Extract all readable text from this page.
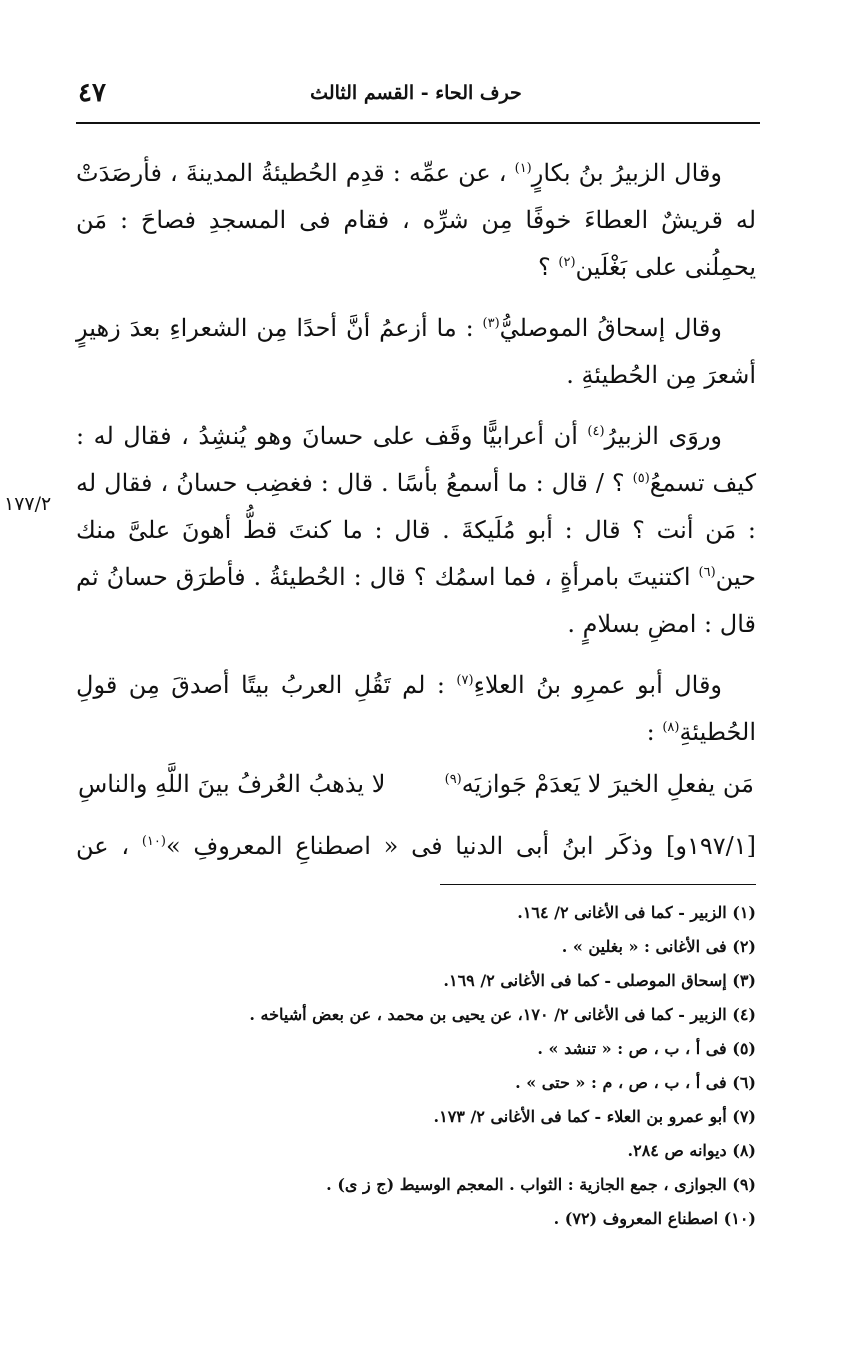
٤٧	حرف الحاء - القسم الثالث
١٧٧/٢

وقال الزبيرُ بنُ بكارٍ$^{(١)}$ ، عن عمِّه : قدِم الحُطيئةُ المدينةَ ، فأرصَدَتْ له قريشٌ العطاءَ خوفًا مِن شرِّه ، فقام فى المسجدِ فصاحَ : مَن يحمِلُنى على بَغْلَين$^{(٢)}$ ؟

وقال إسحاقُ الموصليُّ$^{(٣)}$ : ما أزعمُ أنَّ أحدًا مِن الشعراءِ بعدَ زهيرٍ أشعرَ مِن الحُطيئةِ .

وروَى الزبيرُ$^{(٤)}$ أن أعرابيًّا وقَف على حسانَ وهو يُنشِدُ ، فقال له : كيف تسمعُ$^{(٥)}$ ؟ / قال : ما أسمعُ بأسًا . قال : فغضِب حسانُ ، فقال له : مَن أنت ؟ قال : أبو مُلَيكةَ . قال : ما كنتَ قطُّ أهونَ علىَّ منك حين$^{(٦)}$ اكتنيتَ بامرأةٍ ، فما اسمُك ؟ قال : الحُطيئةُ . فأطرَق حسانُ ثم قال : امضِ بسلامٍ .

وقال أبو عمرِو بنُ العلاءِ$^{(٧)}$ : لم تَقُلِ العربُ بيتًا أصدقَ مِن قولِ الحُطيئةِ$^{(٨)}$ :

مَن يفعلِ الخيرَ لا يَعدَمْ جَوازيَه$^{(٩)}$
لا يذهبُ العُرفُ بينَ اللَّهِ والناسِ
[١٩٧/١و] وذكَر ابنُ أبى الدنيا فى « اصطناعِ المعروفِ »$^{(١٠)}$ ، عن
(١) الزبير - كما فى الأغانى ٢/ ١٦٤.
(٢) فى الأغانى : « بغلين » .
(٣) إسحاق الموصلى - كما فى الأغانى ٢/ ١٦٩.
(٤) الزبير - كما فى الأغانى ٢/ ١٧٠، عن يحيى بن محمد ، عن بعض أشياخه .
(٥) فى أ ، ب ، ص : « تنشد » .
(٦) فى أ ، ب ، ص ، م : « حتى » .
(٧) أبو عمرو بن العلاء - كما فى الأغانى ٢/ ١٧٣.
(٨) ديوانه ص ٢٨٤.
(٩) الجوازى ، جمع الجازية : الثواب . المعجم الوسيط (ج ز ى) .
(١٠) اصطناع المعروف (٧٢) .
